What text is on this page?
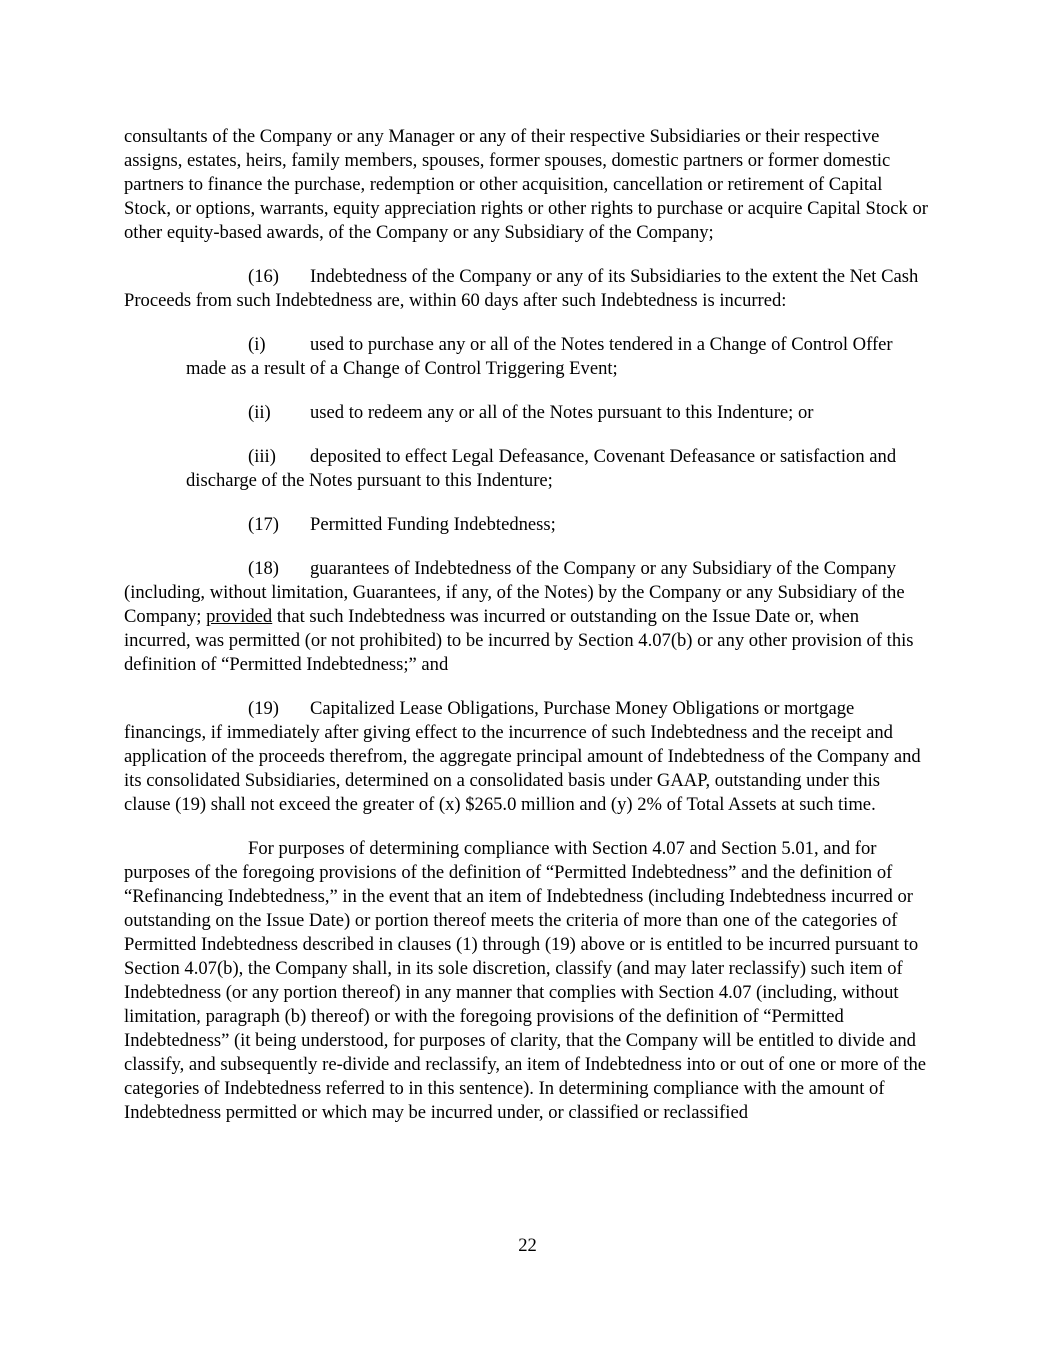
consultants of the Company or any Manager or any of their respective Subsidiaries or their respective assigns, estates, heirs, family members, spouses, former spouses, domestic partners or former domestic partners to finance the purchase, redemption or other acquisition, cancellation or retirement of Capital Stock, or options, warrants, equity appreciation rights or other rights to purchase or acquire Capital Stock or other equity-based awards, of the Company or any Subsidiary of the Company;

(16) Indebtedness of the Company or any of its Subsidiaries to the extent the Net Cash Proceeds from such Indebtedness are, within 60 days after such Indebtedness is incurred:

(i) used to purchase any or all of the Notes tendered in a Change of Control Offer made as a result of a Change of Control Triggering Event;

(ii) used to redeem any or all of the Notes pursuant to this Indenture; or

(iii) deposited to effect Legal Defeasance, Covenant Defeasance or satisfaction and discharge of the Notes pursuant to this Indenture;

(17) Permitted Funding Indebtedness;

(18) guarantees of Indebtedness of the Company or any Subsidiary of the Company (including, without limitation, Guarantees, if any, of the Notes) by the Company or any Subsidiary of the Company; provided that such Indebtedness was incurred or outstanding on the Issue Date or, when incurred, was permitted (or not prohibited) to be incurred by Section 4.07(b) or any other provision of this definition of “Permitted Indebtedness;” and

(19) Capitalized Lease Obligations, Purchase Money Obligations or mortgage financings, if immediately after giving effect to the incurrence of such Indebtedness and the receipt and application of the proceeds therefrom, the aggregate principal amount of Indebtedness of the Company and its consolidated Subsidiaries, determined on a consolidated basis under GAAP, outstanding under this clause (19) shall not exceed the greater of (x) $265.0 million and (y) 2% of Total Assets at such time.

For purposes of determining compliance with Section 4.07 and Section 5.01, and for purposes of the foregoing provisions of the definition of “Permitted Indebtedness” and the definition of “Refinancing Indebtedness,” in the event that an item of Indebtedness (including Indebtedness incurred or outstanding on the Issue Date) or portion thereof meets the criteria of more than one of the categories of Permitted Indebtedness described in clauses (1) through (19) above or is entitled to be incurred pursuant to Section 4.07(b), the Company shall, in its sole discretion, classify (and may later reclassify) such item of Indebtedness (or any portion thereof) in any manner that complies with Section 4.07 (including, without limitation, paragraph (b) thereof) or with the foregoing provisions of the definition of “Permitted Indebtedness” (it being understood, for purposes of clarity, that the Company will be entitled to divide and classify, and subsequently re-divide and reclassify, an item of Indebtedness into or out of one or more of the categories of Indebtedness referred to in this sentence). In determining compliance with the amount of Indebtedness permitted or which may be incurred under, or classified or reclassified

22
